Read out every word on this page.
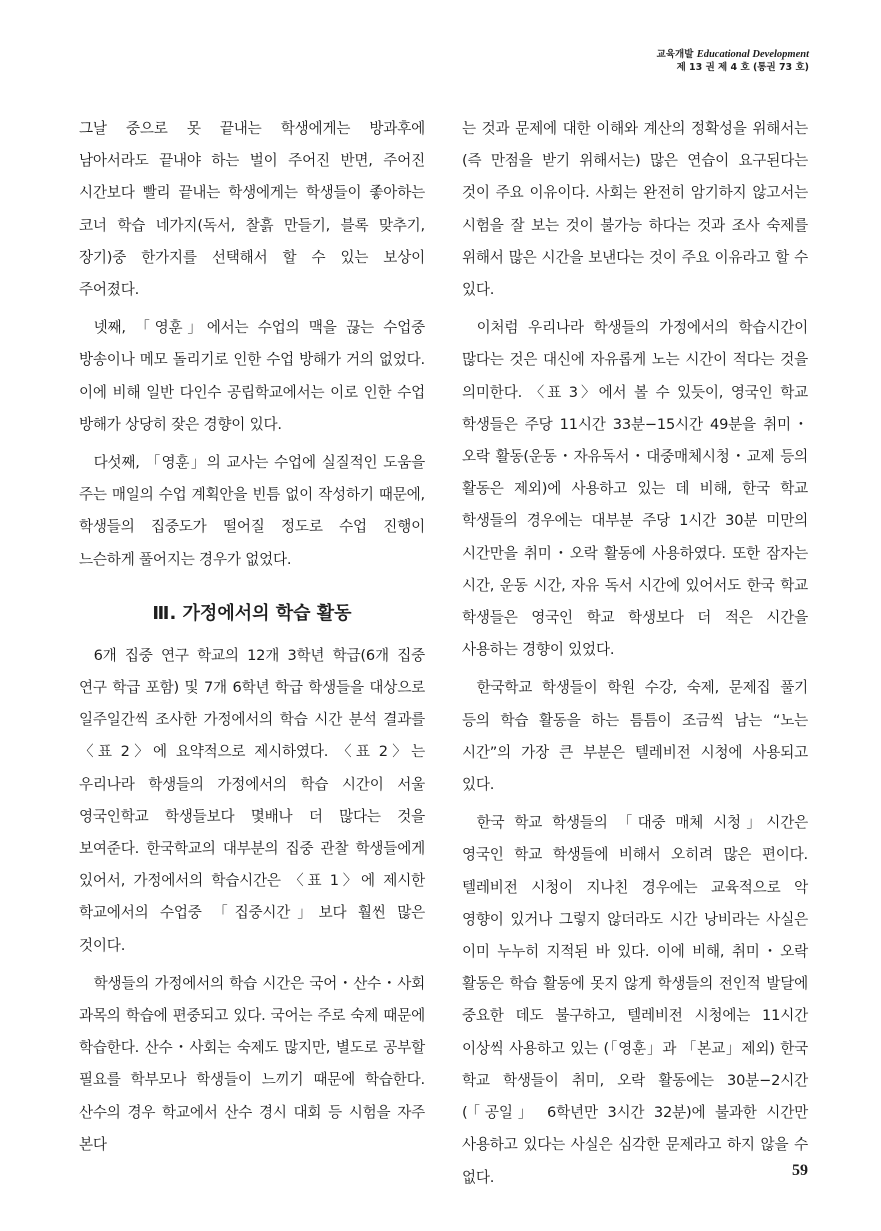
교육개발 Educational Development
제 13 권 제 4 호 (통권 73 호)

그날 중으로 못 끝내는 학생에게는 방과후에 남아서라도 끝내야 하는 벌이 주어진 반면, 주어진 시간보다 빨리 끝내는 학생에게는 학생들이 좋아하는 코너 학습 네가지(독서, 찰흙 만들기, 블록 맞추기, 장기)중 한가지를 선택해서 할 수 있는 보상이 주어졌다.

넷째, 「영훈」에서는 수업의 맥을 끊는 수업중 방송이나 메모 돌리기로 인한 수업 방해가 거의 없었다. 이에 비해 일반 다인수 공립학교에서는 이로 인한 수업 방해가 상당히 잦은 경향이 있다.

다섯째, 「영훈」의 교사는 수업에 실질적인 도움을 주는 매일의 수업 계획안을 빈틈 없이 작성하기 때문에, 학생들의 집중도가 떨어질 정도로 수업 진행이 느슨하게 풀어지는 경우가 없었다.

Ⅲ. 가정에서의 학습 활동

6개 집중 연구 학교의 12개 3학년 학급(6개 집중 연구 학급 포함) 및 7개 6학년 학급 학생들을 대상으로 일주일간씩 조사한 가정에서의 학습 시간 분석 결과를 〈표 2〉에 요약적으로 제시하였다. 〈표 2〉는 우리나라 학생들의 가정에서의 학습 시간이 서울 영국인학교 학생들보다 몇배나 더 많다는 것을 보여준다. 한국학교의 대부분의 집중 관찰 학생들에게 있어서, 가정에서의 학습시간은 〈표 1〉에 제시한 학교에서의 수업중 「집중시간」보다 훨씬 많은 것이다.

학생들의 가정에서의 학습 시간은 국어・산수・사회 과목의 학습에 편중되고 있다. 국어는 주로 숙제 때문에 학습한다. 산수・사회는 숙제도 많지만, 별도로 공부할 필요를 학부모나 학생들이 느끼기 때문에 학습한다. 산수의 경우 학교에서 산수 경시 대회 등 시험을 자주 본다

는 것과 문제에 대한 이해와 계산의 정확성을 위해서는 (즉 만점을 받기 위해서는) 많은 연습이 요구된다는 것이 주요 이유이다. 사회는 완전히 암기하지 않고서는 시험을 잘 보는 것이 불가능 하다는 것과 조사 숙제를 위해서 많은 시간을 보낸다는 것이 주요 이유라고 할 수 있다.

이처럼 우리나라 학생들의 가정에서의 학습시간이 많다는 것은 대신에 자유롭게 노는 시간이 적다는 것을 의미한다. 〈표 3〉에서 볼 수 있듯이, 영국인 학교 학생들은 주당 11시간 33분−15시간 49분을 취미・오락 활동(운동・자유독서・대중매체시청・교제 등의 활동은 제외)에 사용하고 있는 데 비해, 한국 학교 학생들의 경우에는 대부분 주당 1시간 30분 미만의 시간만을 취미・오락 활동에 사용하였다. 또한 잠자는 시간, 운동 시간, 자유 독서 시간에 있어서도 한국 학교 학생들은 영국인 학교 학생보다 더 적은 시간을 사용하는 경향이 있었다.

한국학교 학생들이 학원 수강, 숙제, 문제집 풀기 등의 학습 활동을 하는 틈틈이 조금씩 남는 “노는 시간”의 가장 큰 부분은 텔레비전 시청에 사용되고 있다.

한국 학교 학생들의 「대중 매체 시청」시간은 영국인 학교 학생들에 비해서 오히려 많은 편이다. 텔레비전 시청이 지나친 경우에는 교육적으로 악 영향이 있거나 그렇지 않더라도 시간 낭비라는 사실은 이미 누누히 지적된 바 있다. 이에 비해, 취미・오락 활동은 학습 활동에 못지 않게 학생들의 전인적 발달에 중요한 데도 불구하고, 텔레비전 시청에는 11시간 이상씩 사용하고 있는 (「영훈」과 「본교」제외) 한국 학교 학생들이 취미, 오락 활동에는 30분−2시간(「공일」 6학년만 3시간 32분)에 불과한 시간만 사용하고 있다는 사실은 심각한 문제라고 하지 않을 수 없다.	59
